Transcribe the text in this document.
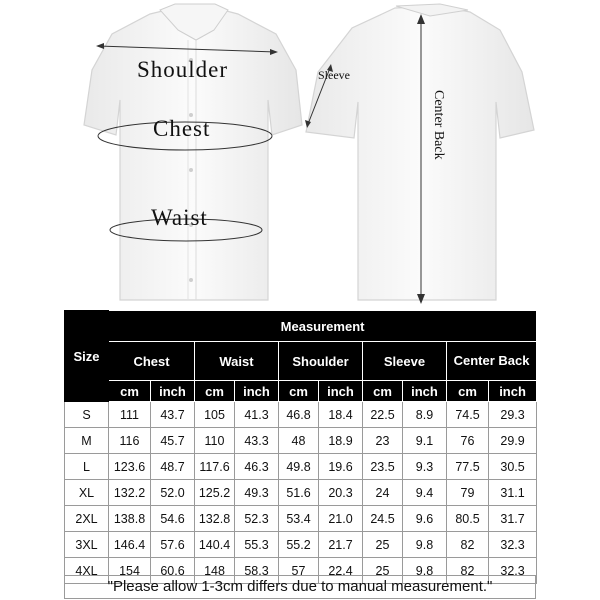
Shoulder
Chest
Waist
Sleeve
Center Back
Size	Measurement									
	Chest		Waist		Shoulder		Sleeve		Center Back	
	cm	inch	cm	inch	cm	inch	cm	inch	cm	inch
S	111	43.7	105	41.3	46.8	18.4	22.5	8.9	74.5	29.3
M	116	45.7	110	43.3	48	18.9	23	9.1	76	29.9
L	123.6	48.7	117.6	46.3	49.8	19.6	23.5	9.3	77.5	30.5
XL	132.2	52.0	125.2	49.3	51.6	20.3	24	9.4	79	31.1
2XL	138.8	54.6	132.8	52.3	53.4	21.0	24.5	9.6	80.5	31.7
3XL	146.4	57.6	140.4	55.3	55.2	21.7	25	9.8	82	32.3
4XL	154	60.6	148	58.3	57	22.4	25	9.8	82	32.3
"Please allow 1-3cm differs due to manual measurement."
